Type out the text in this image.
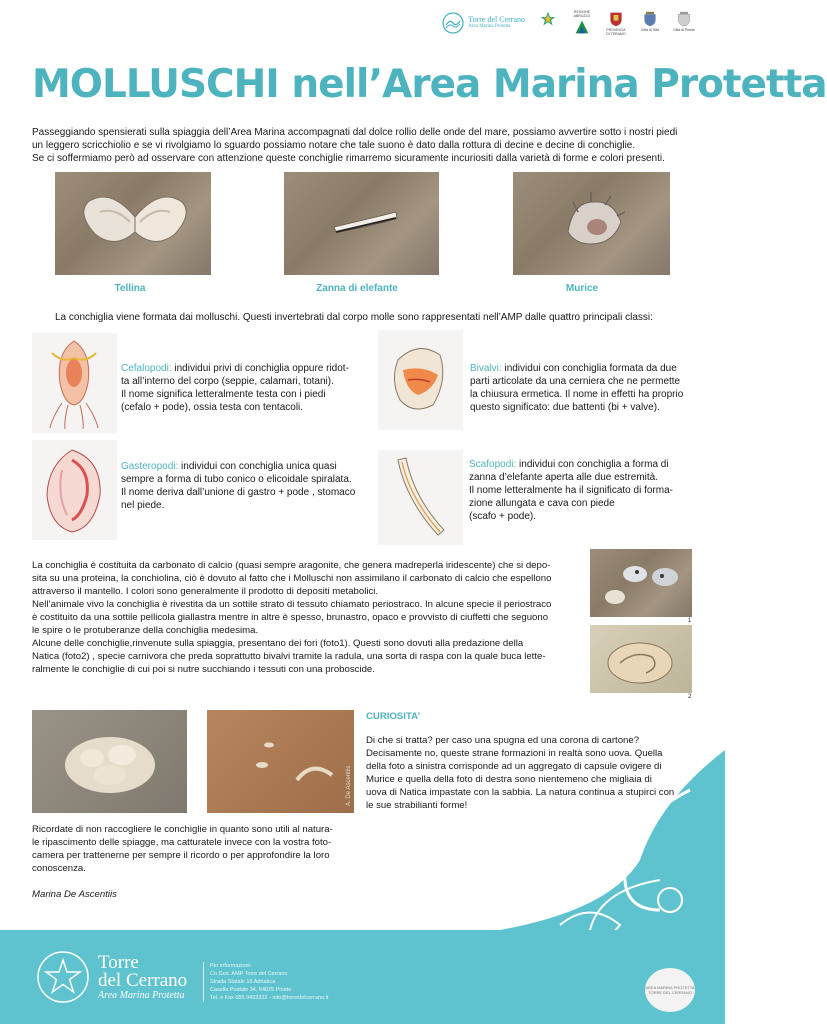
Torre del Cerrano
Area Marina Protetta
REGIONE ABRUZZO
PROVINCIA DI TERAMO
Città di Silvi	Città di Pineto
MOLLUSCHI nell’Area Marina Protetta
Passeggiando spensierati sulla spiaggia dell’Area Marina accompagnati dal dolce rollio delle onde del mare, possiamo avvertire sotto i nostri piedi
un leggero scricchiolio e se vi rivolgiamo lo sguardo possiamo notare che tale suono è dato dalla rottura di decine e decine di conchiglie.
Se ci soffermiamo però ad osservare con attenzione queste conchiglie rimarremo sicuramente incuriositi dalla varietà di forme e colori presenti.
Tellina	Zanna di elefante	Murice
La conchiglia viene formata dai molluschi. Questi invertebrati dal corpo molle sono rappresentati nell’AMP dalle quattro principali classi:
Cefalopodi: individui privi di conchiglia oppure ridot-
ta all’interno del corpo (seppie, calamari, totani).
Il nome significa letteralmente testa con i piedi
(cefalo + pode), ossia testa con tentacoli.
Bivalvi: individui con conchiglia formata da due
parti articolate da una cerniera che ne permette
la chiusura ermetica. Il nome in effetti ha proprio
questo significato: due battenti (bi + valve).
Gasteropodi: individui con conchiglia unica quasi
sempre a forma di tubo conico o elicoidale spiralata.
Il nome deriva dall’unione di gastro + pode , stomaco
nel piede.
Scafopodi: individui con conchiglia a forma di
zanna d’elefante aperta alle due estremità.
Il nome letteralmente ha il significato di forma-
zione allungata e cava con piede
(scafo + pode).
La conchiglia è costituita da carbonato di calcio (quasi sempre aragonite, che genera madreperla iridescente) che si depo-
sita su una proteina, la conchiolina, ciò è dovuto al fatto che i Molluschi non assimilano il carbonato di calcio che espellono
attraverso il mantello. I colori sono generalmente il prodotto di depositi metabolici.
Nell’animale vivo la conchiglia è rivestita da un sottile strato di tessuto chiamato periostraco. In alcune specie il periostraco
è costituito da una sottile pellicola giallastra mentre in altre è spesso, brunastro, opaco e provvisto di ciuffetti che seguono
le spire o le protuberanze della conchiglia medesima.
Alcune delle conchiglie,rinvenute sulla spiaggia, presentano dei fori (foto1). Questi sono dovuti alla predazione della
Natica (foto2) , specie carnivora che preda soprattutto bivalvi tramite la radula, una sorta di raspa con la quale buca lette-
ralmente le conchiglie di cui poi si nutre succhiando i tessuti con una proboscide.
1
2
A. De Ascentiis
CURIOSITA’
Di che si tratta? per caso una spugna ed una corona di cartone?
Decisamente no, queste strane formazioni in realtà sono uova. Quella
della foto a sinistra corrisponde ad un aggregato di capsule ovigere di
Murice e quella della foto di destra sono nientemeno che migliaia di
uova di Natica impastate con la sabbia. La natura continua a stupirci con
le sue strabilianti forme!
Ricordate di non raccogliere le conchiglie in quanto sono utili al natura-
le ripascimento delle spiagge, ma catturatele invece con la vostra foto-
camera per trattenerne per sempre il ricordo o per approfondire la loro
conoscenza.
Marina De Ascentiis
Torre
del Cerrano
Area Marina Protetta
Per informazioni:
Co.Ges. AMP Torre del Cerrano
Strada Statale 16 Adriatica
Casella Postale 34, 64025 Pineto
Tel. e Fax 085.9492322 - info@torredelcerrano.it
AREA MARINA PROTETTA TORRE DEL CERRANO
